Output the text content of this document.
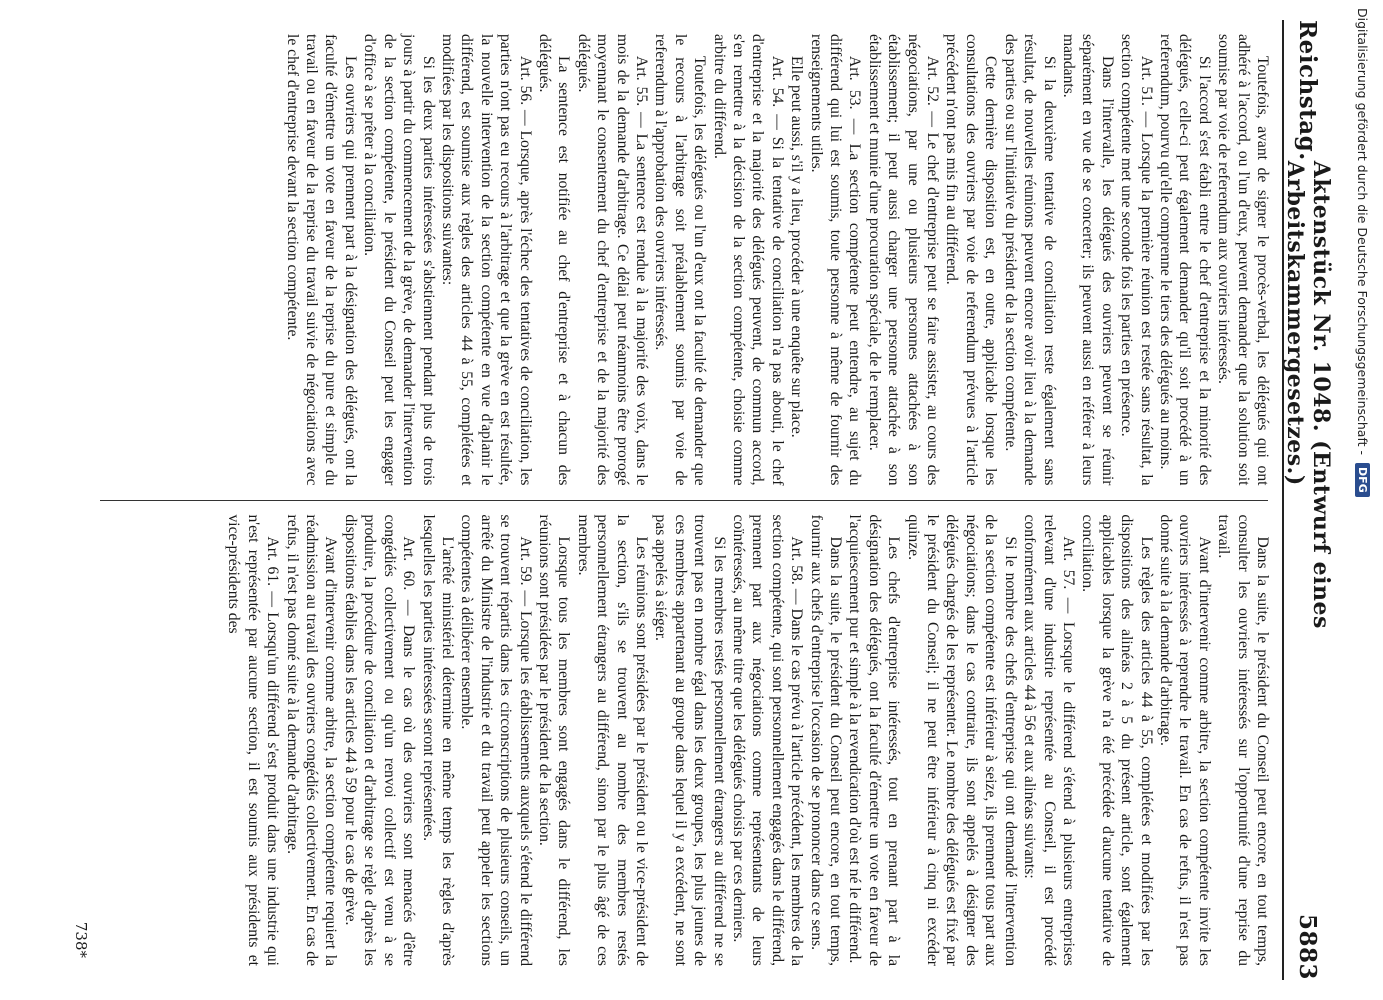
Reichstag.
Aktenstück Nr. 1048. (Entwurf eines Arbeitskammergesetzes.)
5883

Toutefois, avant de signer le procès-verbal, les délégués qui ont adhéré à l'accord, ou l'un d'eux, peuvent demander que la solution soit soumise par voie de referendum aux ouvriers intéressés.

Si l'accord s'est établi entre le chef d'entreprise et la minorité des délégués, celle-ci peut également demander qu'il soit procédé à un referendum, pourvu qu'elle comprenne le tiers des délégués au moins.

Art. 51. — Lorsque la première réunion est restée sans résultat, la section compétente met une seconde fois les parties en présence.

Dans l'intervalle, les délégués des ouvriers peuvent se réunir séparément en vue de se concerter; ils peuvent aussi en référer à leurs mandants.

Si la deuxième tentative de conciliation reste également sans résultat, de nouvelles réunions peuvent encore avoir lieu à la demande des parties ou sur l'initiative du président de la section compétente.

Cette dernière disposition est, en outre, applicable lorsque les consultations des ouvriers par voie de referendum prévues à l'article précédent n'ont pas mis fin au différend.

Art. 52. — Le chef d'entreprise peut se faire assister, au cours des négociations, par une ou plusieurs personnes attachées à son établissement; il peut aussi charger une personne attachée à son établissement et munie d'une procuration spéciale, de le remplacer.

Art. 53. — La section compétente peut entendre, au sujet du différend qui lui est soumis, toute personne à même de fournir des renseignements utiles.

Elle peut aussi, s'il y a lieu, procéder à une enquête sur place.

Art. 54. — Si la tentative de conciliation n'a pas abouti, le chef d'entreprise et la majorité des délégués peuvent, de commun accord, s'en remettre à la décision de la section compétente, choisie comme arbitre du différend.

Toutefois, les délégués ou l'un d'eux ont la faculté de demander que le recours à l'arbitrage soit préalablement soumis par voie de referendum à l'approbation des ouvriers intéressés.

Art. 55. — La sentence est rendue à la majorité des voix, dans le mois de la demande d'arbitrage. Ce délai peut néanmoins être prorogé moyennant le consentement du chef d'entreprise et de la majorité des délégués.

La sentence est notifiée au chef d'entreprise et à chacun des délégués.

Art. 56. — Lorsque, après l'échec des tentatives de conciliation, les parties n'ont pas eu recours à l'arbitrage et que la grève en est résultée, la nouvelle intervention de la section compétente en vue d'aplanir le différend, est soumise aux règles des articles 44 à 55, complétées et modifiées par les dispositions suivantes:

Si les deux parties intéressées s'abstiennent pendant plus de trois jours à partir du commencement de la grève, de demander l'intervention de la section compétente, le président du Conseil peut les engager d'office à se prêter à la conciliation.

Les ouvriers qui prennent part à la désignation des délégués, ont la faculté d'émettre un vote en faveur de la reprise du pure et simple du travail ou en faveur de la reprise du travail suivie de négociations avec le chef d'entreprise devant la section compétente.

Dans la suite, le président du Conseil peut encore, en tout temps, consulter les ouvriers intéressés sur l'opportunité d'une reprise du travail.

Avant d'intervenir comme arbitre, la section compétente invite les ouvriers intéressés à reprendre le travail. En cas de refus, il n'est pas donné suite à la demande d'arbitrage.

Les règles des articles 44 à 55, complétées et modifiées par les dispositions des alinéas 2 à 5 du présent article, sont également applicables lorsque la grève n'a été précédée d'aucune tentative de conciliation.

Art. 57. — Lorsque le différend s'étend à plusieurs entreprises relevant d'une industrie représentée au Conseil, il est procédé conformément aux articles 44 à 56 et aux alinéas suivants:

Si le nombre des chefs d'entreprise qui ont demandé l'intervention de la section compétente est inférieur à seize, ils prennent tous part aux négociations; dans le cas contraire, ils sont appelés à désigner des délégués chargés de les représenter. Le nombre des délégués est fixé par le président du Conseil; il ne peut être inférieur à cinq ni excéder quinze.

Les chefs d'entreprise intéressés, tout en prenant part à la désignation des délégués, ont la faculté d'émettre un vote en faveur de l'acquiescement pur et simple à la revendication d'où est né le différend.

Dans la suite, le président du Conseil peut encore, en tout temps, fournir aux chefs d'entreprise l'occasion de se prononcer dans ce sens.

Art. 58. — Dans le cas prévu à l'article précédent, les membres de la section compétente, qui sont personnellement engagés dans le différend, prennent part aux négociations comme représentants de leurs coïntéressés, au même titre que les délégués choisis par ces derniers.

Si les membres restés personnellement étrangers au différend ne se trouvent pas en nombre égal dans les deux groupes, les plus jeunes de ces membres appartenant au groupe dans lequel il y a excédent, ne sont pas appelés à siéger.

Les réunions sont présidées par le président ou le vice-président de la section, s'ils se trouvent au nombre des membres restés personnellement étrangers au différend, sinon par le plus âgé de ces membres.

Lorsque tous les membres sont engagés dans le différend, les réunions sont présidées par le président de la section.

Art. 59. — Lorsque les établissements auxquels s'étend le différend se trouvent répartis dans les circonscriptions de plusieurs conseils, un arrêté du Ministre de l'industrie et du travail peut appeler les sections compétentes à délibérer ensemble.

L'arrêté ministériel détermine en même temps les règles d'après lesquelles les parties intéressées seront représentées.

Art. 60. — Dans le cas où des ouvriers sont menacés d'être congédiés collectivement ou qu'un renvoi collectif est venu à se produire, la procédure de conciliation et d'arbitrage se règle d'après les dispositions établies dans les articles 44 à 59 pour le cas de grève.

Avant d'intervenir comme arbitre, la section compétente requiert la réadmission au travail des ouvriers congédiés collectivement. En cas de refus, il n'est pas donné suite à la demande d'arbitrage.

Art. 61. — Lorsqu'un différend s'est produit dans une industrie qui n'est représentée par aucune section, il est soumis aux présidents et vice-présidents des

738*
Digitalisierung gefördert durch die Deutsche Forschungsgemeinschaft -
DFG
